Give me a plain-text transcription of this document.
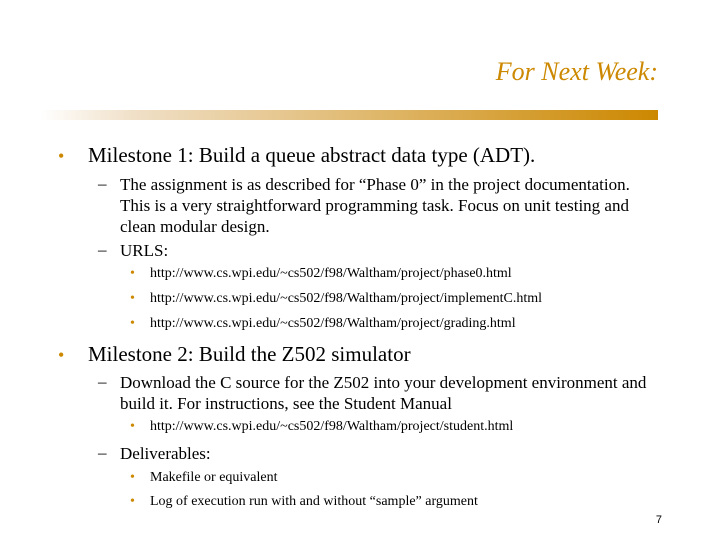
For Next Week:
• Milestone 1: Build a queue abstract data type (ADT).
– The assignment is as described for “Phase 0” in the project documentation. This is a very straightforward programming task. Focus on unit testing and clean modular design.
– URLS:
• http://www.cs.wpi.edu/~cs502/f98/Waltham/project/phase0.html
• http://www.cs.wpi.edu/~cs502/f98/Waltham/project/implementC.html
• http://www.cs.wpi.edu/~cs502/f98/Waltham/project/grading.html
• Milestone 2: Build the Z502 simulator
– Download the C source for the Z502 into your development environment and build it. For instructions, see the Student Manual
• http://www.cs.wpi.edu/~cs502/f98/Waltham/project/student.html
– Deliverables:
• Makefile or equivalent
• Log of execution run with and without “sample” argument
7
